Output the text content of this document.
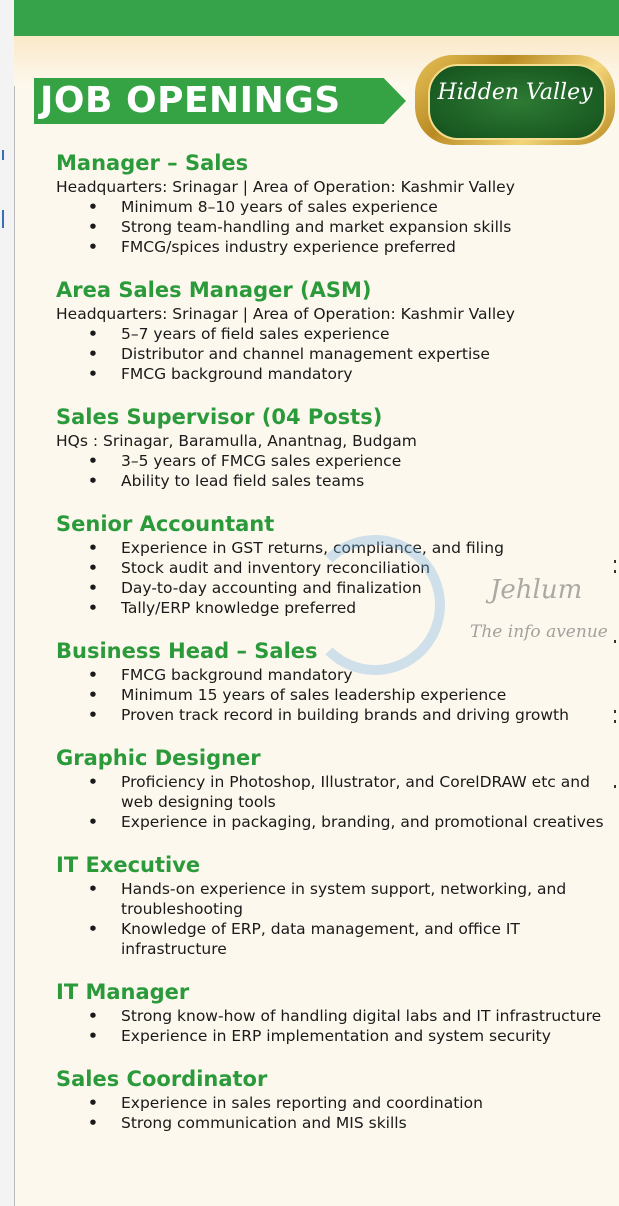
JOB OPENINGS	Hidden Valley
Manager – Sales
Headquarters: Srinagar | Area of Operation: Kashmir Valley
• Minimum 8–10 years of sales experience
• Strong team-handling and market expansion skills
• FMCG/spices industry experience preferred
Area Sales Manager (ASM)
Headquarters: Srinagar | Area of Operation: Kashmir Valley
• 5–7 years of field sales experience
• Distributor and channel management expertise
• FMCG background mandatory
Sales Supervisor (04 Posts)
HQs : Srinagar, Baramulla, Anantnag, Budgam
• 3–5 years of FMCG sales experience
• Ability to lead field sales teams
Senior Accountant
• Experience in GST returns, compliance, and filing
• Stock audit and inventory reconciliation
• Day-to-day accounting and finalization
• Tally/ERP knowledge preferred
Business Head – Sales
• FMCG background mandatory
• Minimum 15 years of sales leadership experience
• Proven track record in building brands and driving growth
Graphic Designer
• Proficiency in Photoshop, Illustrator, and CorelDRAW etc and web designing tools
• Experience in packaging, branding, and promotional creatives
IT Executive
• Hands-on experience in system support, networking, and troubleshooting
• Knowledge of ERP, data management, and office IT infrastructure
IT Manager
• Strong know-how of handling digital labs and IT infrastructure
• Experience in ERP implementation and system security
Sales Coordinator
• Experience in sales reporting and coordination
• Strong communication and MIS skills
Jehlum
The info avenue
